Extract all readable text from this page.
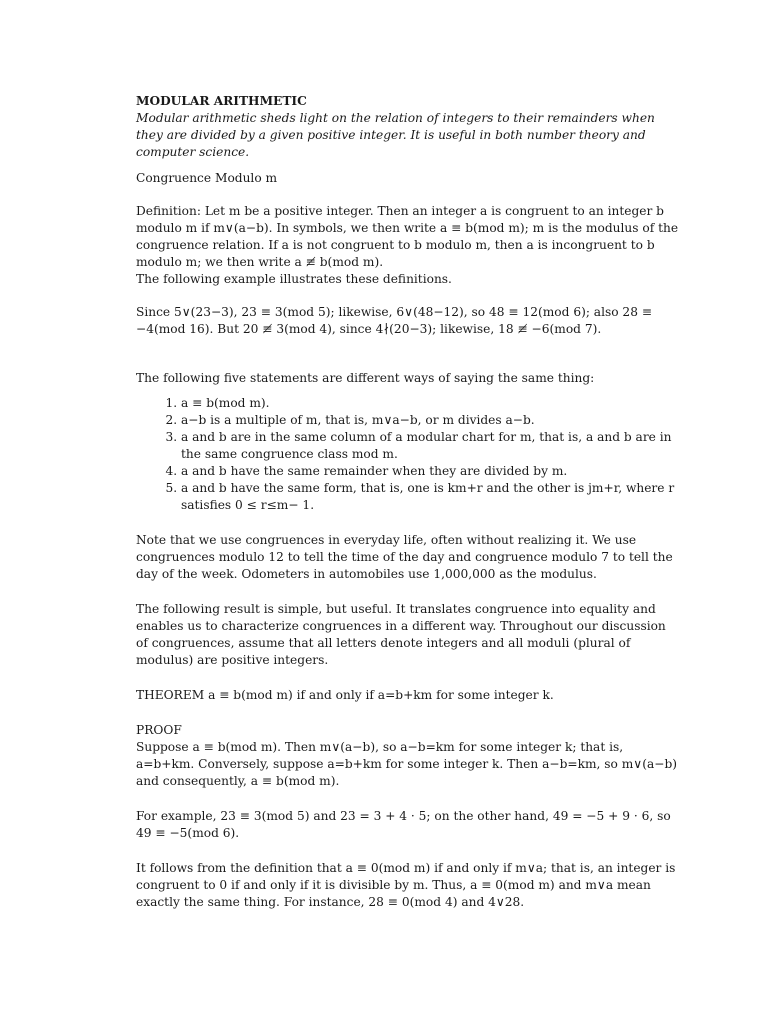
MODULAR ARITHMETIC

Modular arithmetic sheds light on the relation of integers to their remainders when they are divided by a given positive integer. It is useful in both number theory and computer science.

Congruence Modulo m

Definition: Let m be a positive integer. Then an integer a is congruent to an integer b modulo m if m∨(a−b). In symbols, we then write a ≡ b(mod m); m is the modulus of the congruence relation. If a is not congruent to b modulo m, then a is incongruent to b modulo m; we then write a ≢ b(mod m).

The following example illustrates these definitions.

Since 5∨(23−3), 23 ≡ 3(mod 5); likewise, 6∨(48−12), so 48 ≡ 12(mod 6); also 28 ≡ −4(mod 16). But 20 ≢ 3(mod 4), since 4∤(20−3); likewise, 18 ≢ −6(mod 7).

The following five statements are different ways of saying the same thing:

1. a ≡ b(mod m).
2. a−b is a multiple of m, that is, m∨a−b, or m divides a−b.
3. a and b are in the same column of a modular chart for m, that is, a and b are in the same congruence class mod m.
4. a and b have the same remainder when they are divided by m.
5. a and b have the same form, that is, one is km+r and the other is jm+r, where r satisfies 0 ≤ r≤m− 1.

Note that we use congruences in everyday life, often without realizing it. We use congruences modulo 12 to tell the time of the day and congruence modulo 7 to tell the day of the week. Odometers in automobiles use 1,000,000 as the modulus.

The following result is simple, but useful. It translates congruence into equality and enables us to characterize congruences in a different way. Throughout our discussion of congruences, assume that all letters denote integers and all moduli (plural of modulus) are positive integers.

THEOREM a ≡ b(mod m) if and only if a=b+km for some integer k.

PROOF

Suppose a ≡ b(mod m). Then m∨(a−b), so a−b=km for some integer k; that is, a=b+km. Conversely, suppose a=b+km for some integer k. Then a−b=km, so m∨(a−b) and consequently, a ≡ b(mod m).

For example, 23 ≡ 3(mod 5) and 23 = 3 + 4 · 5; on the other hand, 49 = −5 + 9 · 6, so 49 ≡ −5(mod 6).

It follows from the definition that a ≡ 0(mod m) if and only if m∨a; that is, an integer is congruent to 0 if and only if it is divisible by m. Thus, a ≡ 0(mod m) and m∨a mean exactly the same thing. For instance, 28 ≡ 0(mod 4) and 4∨28.
